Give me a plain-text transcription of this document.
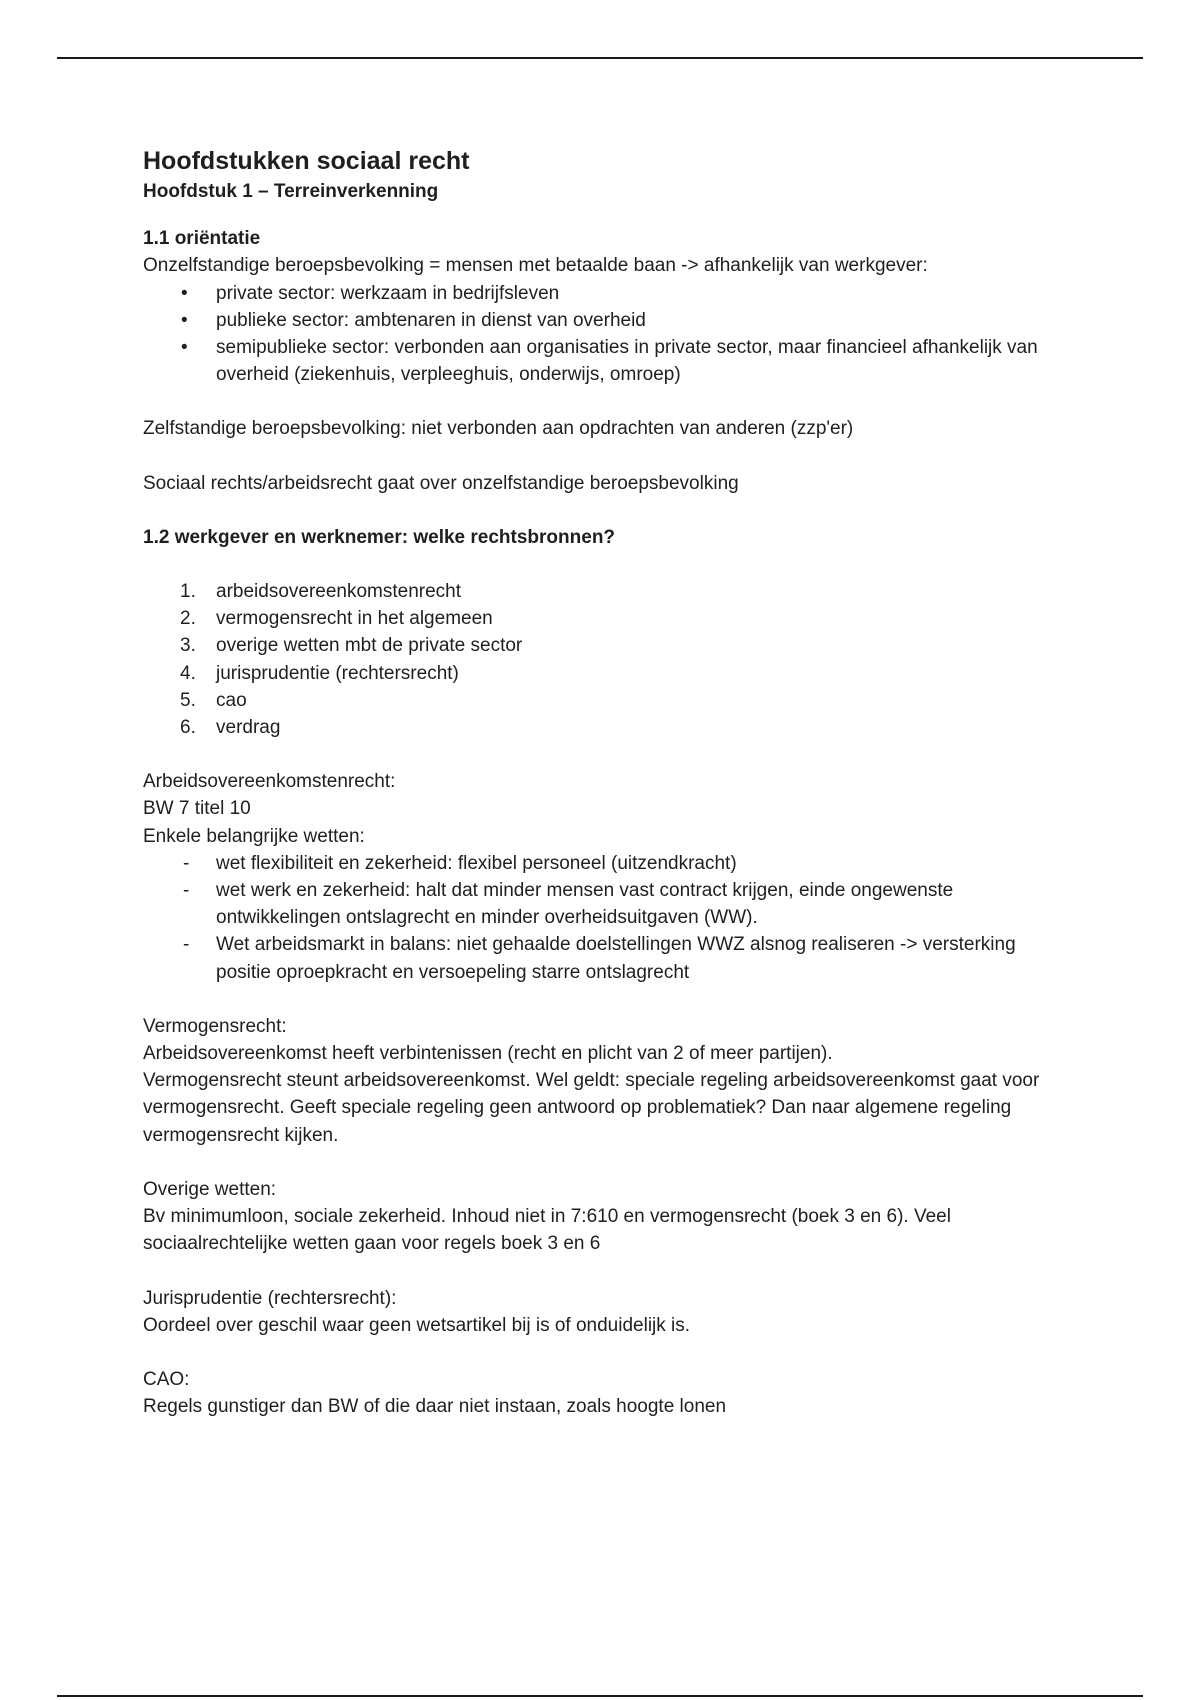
Hoofdstukken sociaal recht

Hoofdstuk 1 – Terreinverkenning

1.1 oriëntatie

Onzelfstandige beroepsbevolking = mensen met betaalde baan -> afhankelijk van werkgever:

• private sector: werkzaam in bedrijfsleven
• publieke sector: ambtenaren in dienst van overheid
• semipublieke sector: verbonden aan organisaties in private sector, maar financieel afhankelijk van overheid (ziekenhuis, verpleeghuis, onderwijs, omroep)

Zelfstandige beroepsbevolking: niet verbonden aan opdrachten van anderen (zzp'er)

Sociaal rechts/arbeidsrecht gaat over onzelfstandige beroepsbevolking

1.2 werkgever en werknemer: welke rechtsbronnen?

1. arbeidsovereenkomstenrecht
2. vermogensrecht in het algemeen
3. overige wetten mbt de private sector
4. jurisprudentie (rechtersrecht)
5. cao
6. verdrag

Arbeidsovereenkomstenrecht:

BW 7 titel 10

Enkele belangrijke wetten:

- wet flexibiliteit en zekerheid: flexibel personeel (uitzendkracht)
- wet werk en zekerheid: halt dat minder mensen vast contract krijgen, einde ongewenste ontwikkelingen ontslagrecht en minder overheidsuitgaven (WW).
- Wet arbeidsmarkt in balans: niet gehaalde doelstellingen WWZ alsnog realiseren -> versterking positie oproepkracht en versoepeling starre ontslagrecht

Vermogensrecht:

Arbeidsovereenkomst heeft verbintenissen (recht en plicht van 2 of meer partijen).

Vermogensrecht steunt arbeidsovereenkomst. Wel geldt: speciale regeling arbeidsovereenkomst gaat voor vermogensrecht. Geeft speciale regeling geen antwoord op problematiek? Dan naar algemene regeling vermogensrecht kijken.

Overige wetten:

Bv minimumloon, sociale zekerheid. Inhoud niet in 7:610 en vermogensrecht (boek 3 en 6). Veel sociaalrechtelijke wetten gaan voor regels boek 3 en 6

Jurisprudentie (rechtersrecht):

Oordeel over geschil waar geen wetsartikel bij is of onduidelijk is.

CAO:

Regels gunstiger dan BW of die daar niet instaan, zoals hoogte lonen
